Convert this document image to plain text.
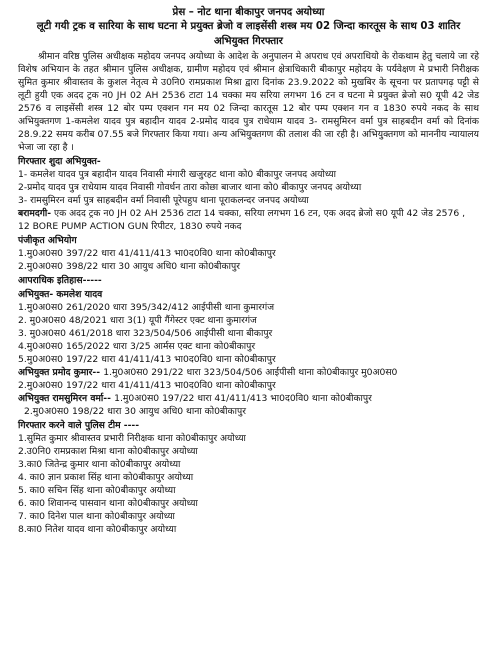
प्रेस – नोट थाना बीकापुर जनपद अयोध्या
लूटी गयी ट्रक व सारिया के साथ घटना मे प्रयुक्त ब्रेजो व लाइसेंसी शस्त्र मय 02 जिन्दा कारतूस के साथ 03 शातिर अभियुक्त गिरफ्तार
श्रीमान वरिष्ठ पुलिस अधीक्षक महोदय जनपद अयोध्या के आदेश के अनुपालन मे अपराध एवं अपराधियो के रोकथाम हेतु चलाये जा रहे विशेष अभियान के तहत श्रीमान पुलिस अधीक्षक, ग्रामीण महोदय एवं श्रीमान क्षेत्राधिकारी बीकापुर महोदय के पर्यवेक्षण मे प्रभारी निरीक्षक सुमित कुमार श्रीवास्तव के कुशल नेतृत्व मे उ0नि0 रामप्रकाश मिश्रा द्वारा दिनांक 23.9.2022 को मुखबिर के सूचना पर प्रतापगढ़ पट्टी से लूटी हुयी एक अदद ट्रक न0 JH 02 AH 2536 टाटा 14 चक्का मय सरिया लगभग 16 टन व घटना मे प्रयुक्त ब्रेजो स0 यूपी 42 जेड 2576 व लाइसेंसी शस्त्र 12 बोर पम्प एक्शन गन मय 02 जिन्दा कारतूस 12 बोर पम्प एक्शन गन व 1830 रुपये नकद के साथ अभियुक्तगण 1-कमलेश यादव पुत्र बहादीन यादव 2-प्रमोद यादव पुत्र राधेयाम यादव 3- रामसुमिरन वर्मा पुत्र साहबदीन वर्मा को दिनांक 28.9.22 समय करीब 07.55 बजे गिरफ्तार किया गया। अन्य अभियुक्तगण की तलाश की जा रही है। अभियुक्तगण को माननीय न्यायालय भेजा जा रहा है ।
गिरफ्तार शुदा अभियुक्त-
1- कमलेश यादव पुत्र बहादीन यादव निवासी मंगारी खजुरहट थाना को0 बीकापुर जनपद अयोध्या
2-प्रमोद यादव पुत्र राधेयाम यादव निवासी गोवर्धन तारा कोछा बाजार थाना को0 बीकापुर जनपद अयोध्या
3- रामसुमिरन वर्मा पुत्र साहबदीन वर्मा निवासी पूरेपहुप थाना पूराकलन्दर जनपद अयोध्या
बरामदगी- एक अदद ट्रक न0 JH 02 AH 2536 टाटा 14 चक्का, सरिया लगभग 16 टन, एक अदद ब्रेजो स0 यूपी 42 जेड 2576 , 12 BORE PUMP ACTION GUN रिपीटर, 1830 रुपये नकद
पंजीकृत अभियोग
1.मु0अ0स0 397/22 धारा 41/411/413 भा0द0वि0 थाना को0बीकापुर
2.मु0अ0स0 398/22 धारा 30 आयुध अधि0 थाना को0बीकापुर
आपराधिक इतिहास-----
अभियुक्त- कमलेश यादव
1.मु0अ0स0 261/2020 धारा 395/342/412 आईपीसी थाना कुमारगंज
2. मु0अ0स0 48/2021 धारा 3(1) यूपी गैंगेस्टर एक्ट थाना कुमारगंज
3. मु0अ0स0 461/2018 धारा 323/504/506 आईपीसी थाना बीकापुर
4.मु0अ0स0 165/2022 धारा 3/25 आर्मस एक्ट थाना को0बीकापुर
5.मु0अ0स0 197/22 धारा 41/411/413 भा0द0वि0 थाना को0बीकापुर
अभियुक्त प्रमोद कुमार-- 1.मु0अ0स0 291/22 धारा 323/504/506 आईपीसी थाना को0बीकापुर मु0अ0स0
2.मु0अ0स0 197/22 धारा 41/411/413 भा0द0वि0 थाना को0बीकापुर
अभियुक्त रामसुमिरन वर्मा-- 1.मु0अ0स0 197/22 धारा 41/411/413 भा0द0वि0 थाना को0बीकापुर
2.मु0अ0स0 198/22 धारा 30 आयुध अधि0 थाना को0बीकापुर
गिरफ्तार करने वाले पुलिस टीम ----
1.सुमित कुमार श्रीवास्तव प्रभारी निरीक्षक थाना को0बीकापुर अयोध्या
2.उ0नि0 रामप्रकाश मिश्रा थाना को0बीकापुर अयोध्या
3.का0 जितेन्द्र कुमार थाना को0बीकापुर अयोध्या
4. का0 ज्ञान प्रकाश सिंह थाना को0बीकापुर अयोध्या
5. का0 सचिन सिंह थाना को0बीकापुर अयोध्या
6. का0 शिवानन्द पासवान थाना को0बीकापुर अयोध्या
7. का0 दिनेश पाल थाना को0बीकापुर अयोध्या
8.का0 नितेश यादव थाना को0बीकापुर अयोध्या
